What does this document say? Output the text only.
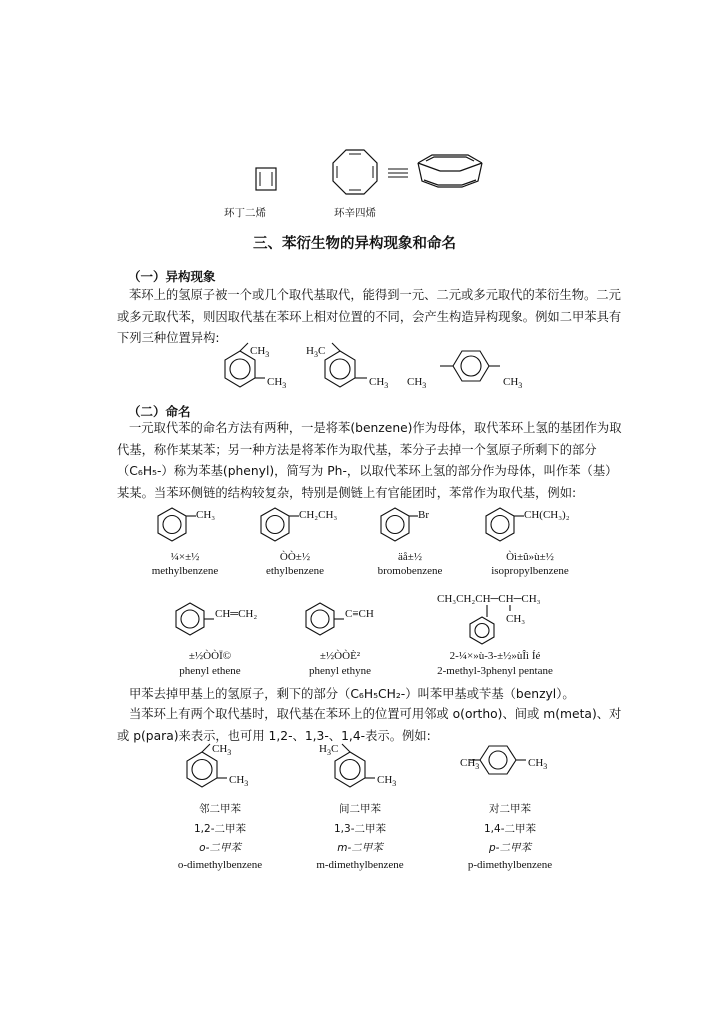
环丁二烯	环辛四烯
三、苯衍生物的异构现象和命名
（一）异构现象
苯环上的氢原子被一个或几个取代基取代，能得到一元、二元或多元取代的苯衍生物。二元或多元取代苯，则因取代基在苯环上相对位置的不同，会产生构造异构现象。例如二甲苯具有下列三种位置异构:
$CH_3$
$CH_3$
$H_3C$
$CH_3$ $CH_3$	$CH_3$
（二）命名
一元取代苯的命名方法有两种，一是将苯(benzene)作为母体，取代苯环上氢的基团作为取代基，称作某某苯；另一种方法是将苯作为取代基，苯分子去掉一个氢原子所剩下的部分（C₆H₅-）称为苯基(phenyl)，简写为 Ph-，以取代苯环上氢的部分作为母体，叫作苯（基）某某。当苯环侧链的结构较复杂，特别是侧链上有官能团时，苯常作为取代基，例如:
CH₃	CH₂CH₃	Br	CH(CH₃)₂
¼×±½	ÒÒ±½	äå±½	Òì±û»ù±½
methylbenzene	ethylbenzene	bromobenzene	isopropylbenzene
CH═CH₂	C≡CH
CH₃CH₂CH─CH─CH₃
CH₃
±½ÒÒÏ©	±½ÒÒÈ²	2-¼×»ù-3-±½»ùÎì Íé
phenyl ethene	phenyl ethyne	2-methyl-3phenyl pentane
甲苯去掉甲基上的氢原子，剩下的部分（C₆H₅CH₂-）叫苯甲基或苄基（benzyl）。
当苯环上有两个取代基时，取代基在苯环上的位置可用邻或 o(ortho)、间或 m(meta)、对或 p(para)来表示，也可用 1,2-、1,3-、1,4-表示。例如:
$CH_3$
$CH_3$
$H_3C$
$CH_3$
$CH_3$	$CH_3$
邻二甲苯	间二甲苯	对二甲苯
1,2-二甲苯	1,3-二甲苯	1,4-二甲苯
o-二甲苯	m-二甲苯	p-二甲苯
o-dimethylbenzene	m-dimethylbenzene	p-dimethylbenzene
